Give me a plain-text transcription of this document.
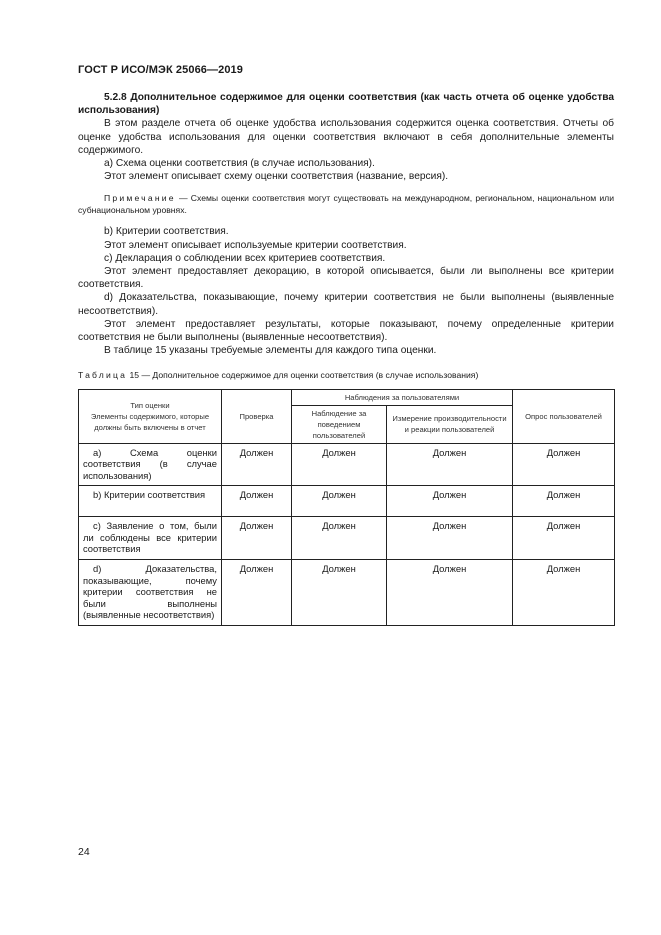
ГОСТ Р ИСО/МЭК 25066—2019

5.2.8 Дополнительное содержимое для оценки соответствия (как часть отчета об оценке удобства использования)

В этом разделе отчета об оценке удобства использования содержится оценка соответствия. Отчеты об оценке удобства использования для оценки соответствия включают в себя дополнительные элементы содержимого.

а) Схема оценки соответствия (в случае использования).

Этот элемент описывает схему оценки соответствия (название, версия).

Примечание — Схемы оценки соответствия могут существовать на международном, региональном, национальном или субнациональном уровнях.

b) Критерии соответствия.

Этот элемент описывает используемые критерии соответствия.

с) Декларация о соблюдении всех критериев соответствия.

Этот элемент предоставляет декорацию, в которой описывается, были ли выполнены все критерии соответствия.

d) Доказательства, показывающие, почему критерии соответствия не были выполнены (выявленные несоответствия).

Этот элемент предоставляет результаты, которые показывают, почему определенные критерии соответствия не были выполнены (выявленные несоответствия).

В таблице 15 указаны требуемые элементы для каждого типа оценки.

Таблица 15 — Дополнительное содержимое для оценки соответствия (в случае использования)

Тип оценки
Элементы содержимого, которые должны быть включены в отчет	Проверка	Наблюдения за пользователями		Опрос пользователей
		Наблюдение за поведением пользователей	Измерение производительности и реакции пользователей	
а) Схема оценки соответствия (в случае использования)	Должен	Должен	Должен	Должен
b) Критерии соответствия	Должен	Должен	Должен	Должен
с) Заявление о том, были ли соблюдены все критерии соответствия	Должен	Должен	Должен	Должен
d) Доказательства, показывающие, почему критерии соответствия не были выполнены (выявленные несоответствия)	Должен	Должен	Должен	Должен
24
